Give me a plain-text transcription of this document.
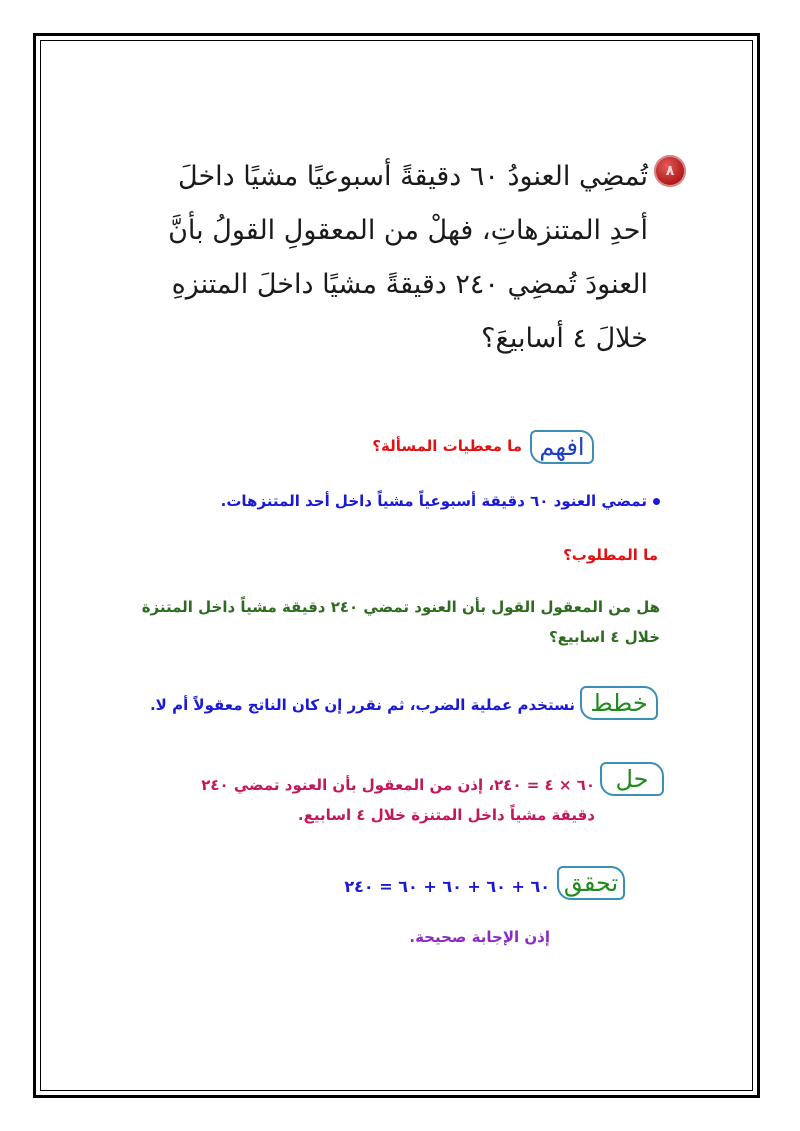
٨
تُمضِي العنودُ ٦٠ دقيقةً أسبوعيًا مشيًا داخلَ
أحدِ المتنزهاتِ، فهلْ من المعقولِ القولُ بأنَّ
العنودَ تُمضِي ٢٤٠ دقيقةً مشيًا داخلَ المتنزهِ
خلالَ ٤ أسابيعَ؟
افهم
ما معطيات المسألة؟
تمضي العنود ٦٠ دقيقة أسبوعياً مشياً داخل أحد المتنزهات.
ما المطلوب؟
هل من المعقول القول بأن العنود تمضي ٢٤٠ دقيقة مشياً داخل المتنزة
خلال ٤ اسابيع؟
خطط
نستخدم عملية الضرب، ثم نقرر إن كان الناتج معقولاً أم لا.
حل
٦٠ × ٤ = ٢٤٠، إذن من المعقول بأن العنود تمضي ٢٤٠
دقيقة مشياً داخل المتنزة خلال ٤ اسابيع.
تحقق
٦٠ + ٦٠ + ٦٠ + ٦٠ = ٢٤٠
إذن الإجابة صحيحة.
